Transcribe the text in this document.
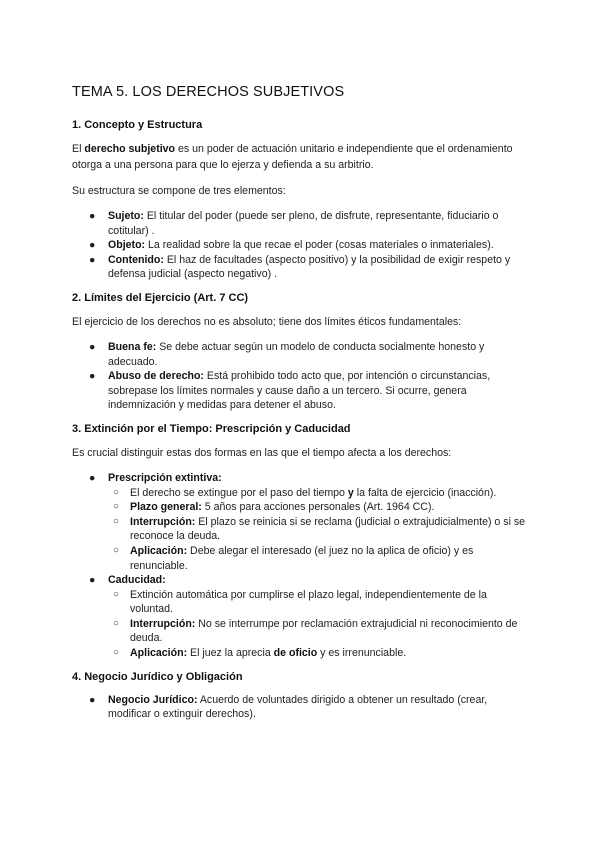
TEMA 5. LOS DERECHOS SUBJETIVOS
1. Concepto y Estructura

El derecho subjetivo es un poder de actuación unitario e independiente que el ordenamiento otorga a una persona para que lo ejerza y defienda a su arbitrio.

Su estructura se compone de tres elementos:

● Sujeto: El titular del poder (puede ser pleno, de disfrute, representante, fiduciario o cotitular) .
● Objeto: La realidad sobre la que recae el poder (cosas materiales o inmateriales).
● Contenido: El haz de facultades (aspecto positivo) y la posibilidad de exigir respeto y defensa judicial (aspecto negativo) .
2. Límites del Ejercicio (Art. 7 CC)

El ejercicio de los derechos no es absoluto; tiene dos límites éticos fundamentales:

● Buena fe: Se debe actuar según un modelo de conducta socialmente honesto y adecuado.
● Abuso de derecho: Está prohibido todo acto que, por intención o circunstancias, sobrepase los límites normales y cause daño a un tercero. Si ocurre, genera indemnización y medidas para detener el abuso.
3. Extinción por el Tiempo: Prescripción y Caducidad

Es crucial distinguir estas dos formas en las que el tiempo afecta a los derechos:

● Prescripción extintiva:
○ El derecho se extingue por el paso del tiempo y la falta de ejercicio (inacción).
○ Plazo general: 5 años para acciones personales (Art. 1964 CC).
○ Interrupción: El plazo se reinicia si se reclama (judicial o extrajudicialmente) o si se reconoce la deuda.
○ Aplicación: Debe alegar el interesado (el juez no la aplica de oficio) y es renunciable.
● Caducidad:
○ Extinción automática por cumplirse el plazo legal, independientemente de la voluntad.
○ Interrupción: No se interrumpe por reclamación extrajudicial ni reconocimiento de deuda.
○ Aplicación: El juez la aprecia de oficio y es irrenunciable.
4. Negocio Jurídico y Obligación
● Negocio Jurídico: Acuerdo de voluntades dirigido a obtener un resultado (crear, modificar o extinguir derechos).
